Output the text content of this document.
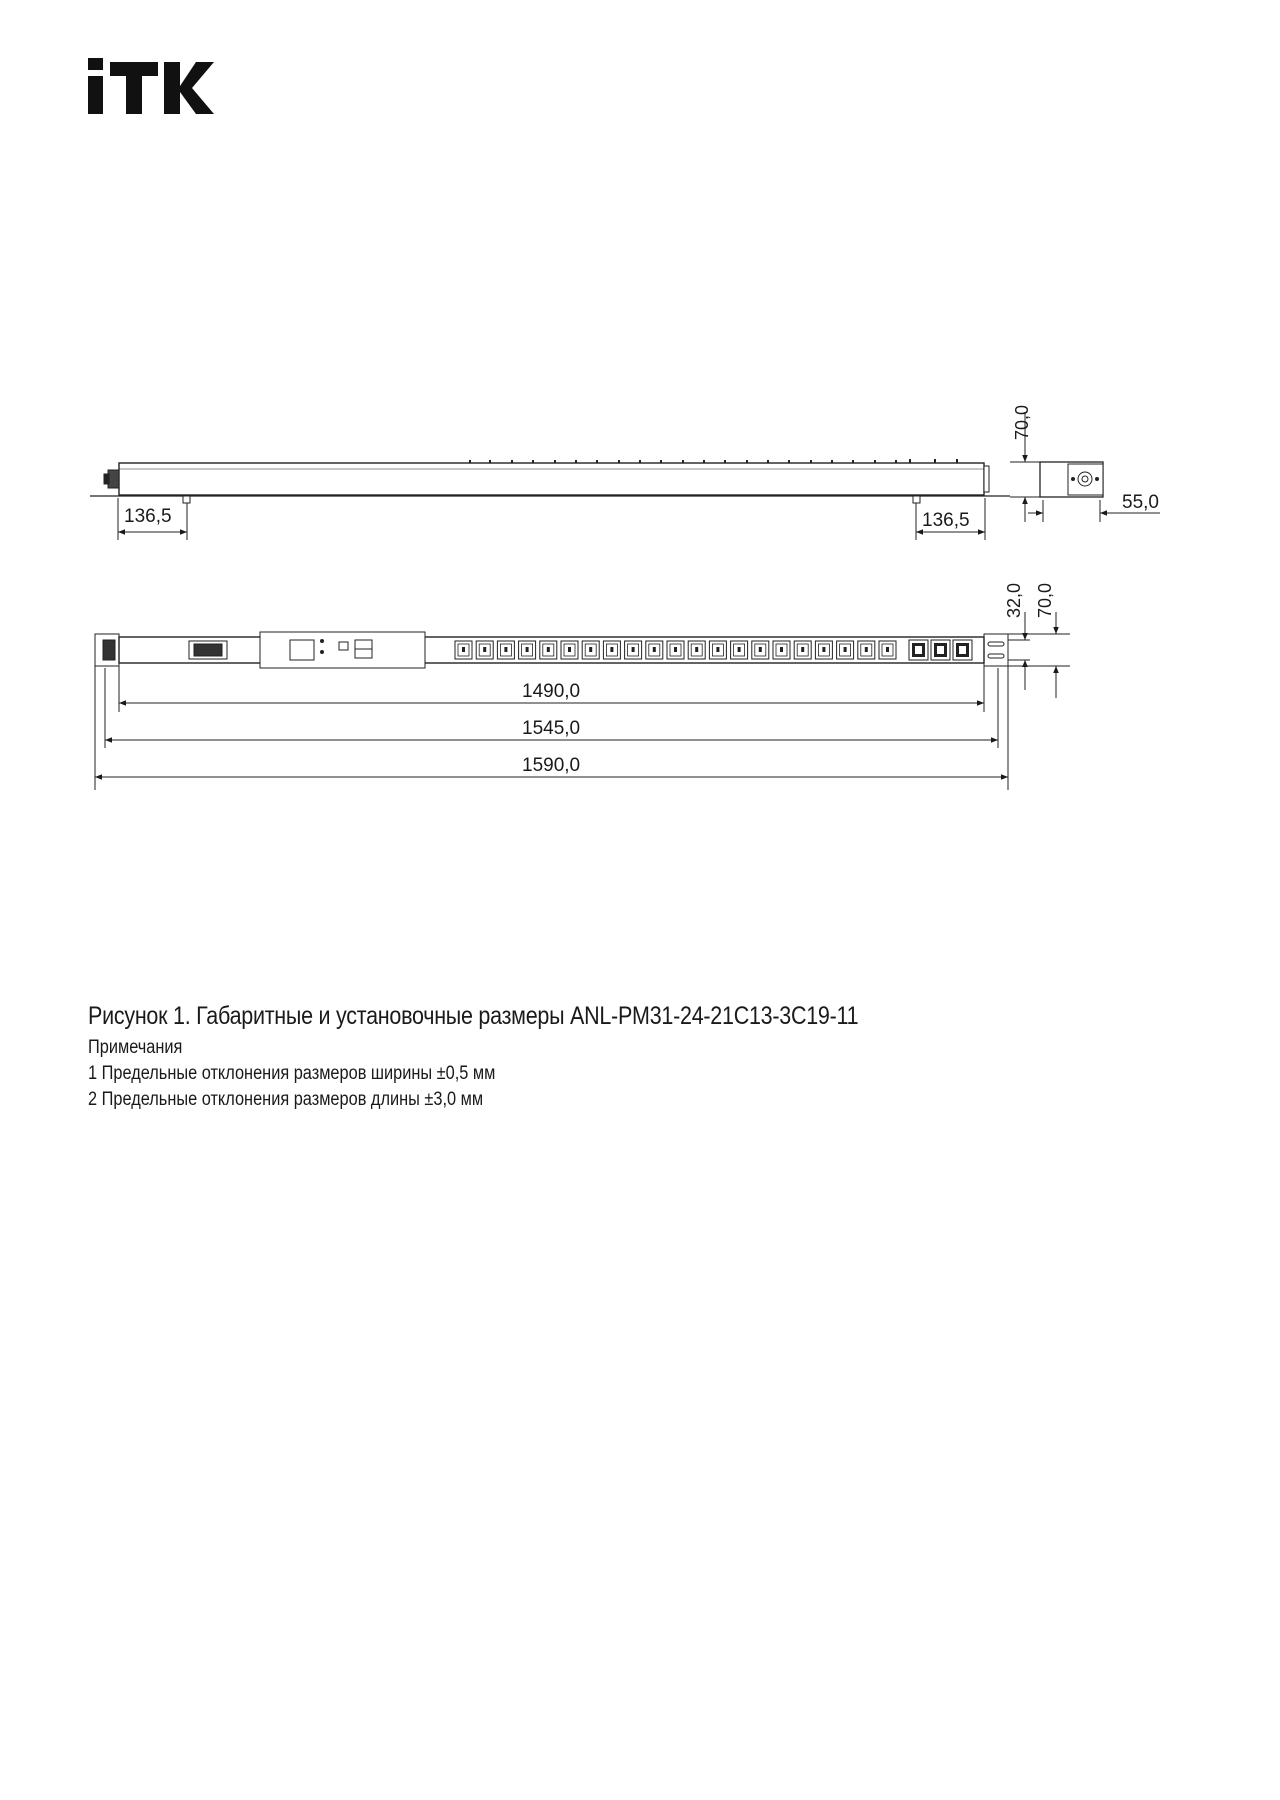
136,5	136,5
70,0
55,0
32,0 70,0
1490,0
1545,0
1590,0
Рисунок 1. Габаритные и установочные размеры ANL-PM31-24-21C13-3C19-11
Примечания
1 Предельные отклонения размеров ширины ±0,5 мм
2 Предельные отклонения размеров длины ±3,0 мм
